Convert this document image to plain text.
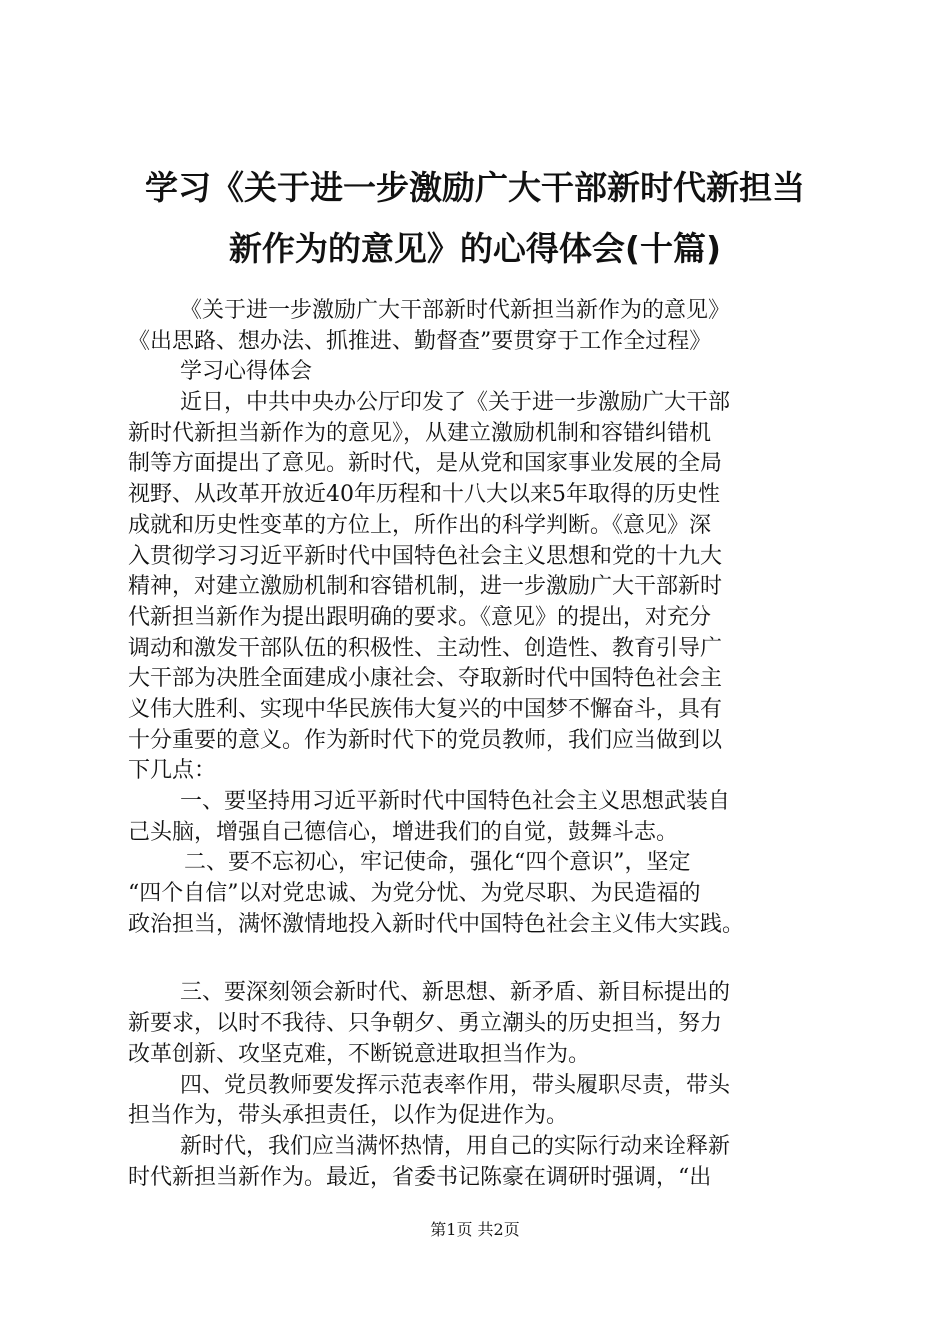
学习《关于进一步激励广大干部新时代新担当
新作为的意见》的心得体会(十篇)
《关于进一步激励广大干部新时代新担当新作为的意见》
《出思路、想办法、抓推进、勤督查”要贯穿于工作全过程》
学习心得体会
近日，中共中央办公厅印发了《关于进一步激励广大干部
新时代新担当新作为的意见》，从建立激励机制和容错纠错机
制等方面提出了意见。新时代，是从党和国家事业发展的全局
视野、从改革开放近40年历程和十八大以来5年取得的历史性
成就和历史性变革的方位上，所作出的科学判断。《意见》深
入贯彻学习习近平新时代中国特色社会主义思想和党的十九大
精神，对建立激励机制和容错机制，进一步激励广大干部新时
代新担当新作为提出跟明确的要求。《意见》的提出，对充分
调动和激发干部队伍的积极性、主动性、创造性、教育引导广
大干部为决胜全面建成小康社会、夺取新时代中国特色社会主
义伟大胜利、实现中华民族伟大复兴的中国梦不懈奋斗，具有
十分重要的意义。作为新时代下的党员教师，我们应当做到以
下几点：
一、要坚持用习近平新时代中国特色社会主义思想武装自
己头脑，增强自己德信心，增进我们的自觉，鼓舞斗志。
二、要不忘初心，牢记使命，强化“四个意识”，坚定
“四个自信”以对党忠诚、为党分忧、为党尽职、为民造福的
政治担当，满怀激情地投入新时代中国特色社会主义伟大实践。
三、要深刻领会新时代、新思想、新矛盾、新目标提出的
新要求，以时不我待、只争朝夕、勇立潮头的历史担当，努力
改革创新、攻坚克难，不断锐意进取担当作为。
四、党员教师要发挥示范表率作用，带头履职尽责，带头
担当作为，带头承担责任，以作为促进作为。
新时代，我们应当满怀热情，用自己的实际行动来诠释新
时代新担当新作为。最近，省委书记陈豪在调研时强调，“出
第1页 共2页
